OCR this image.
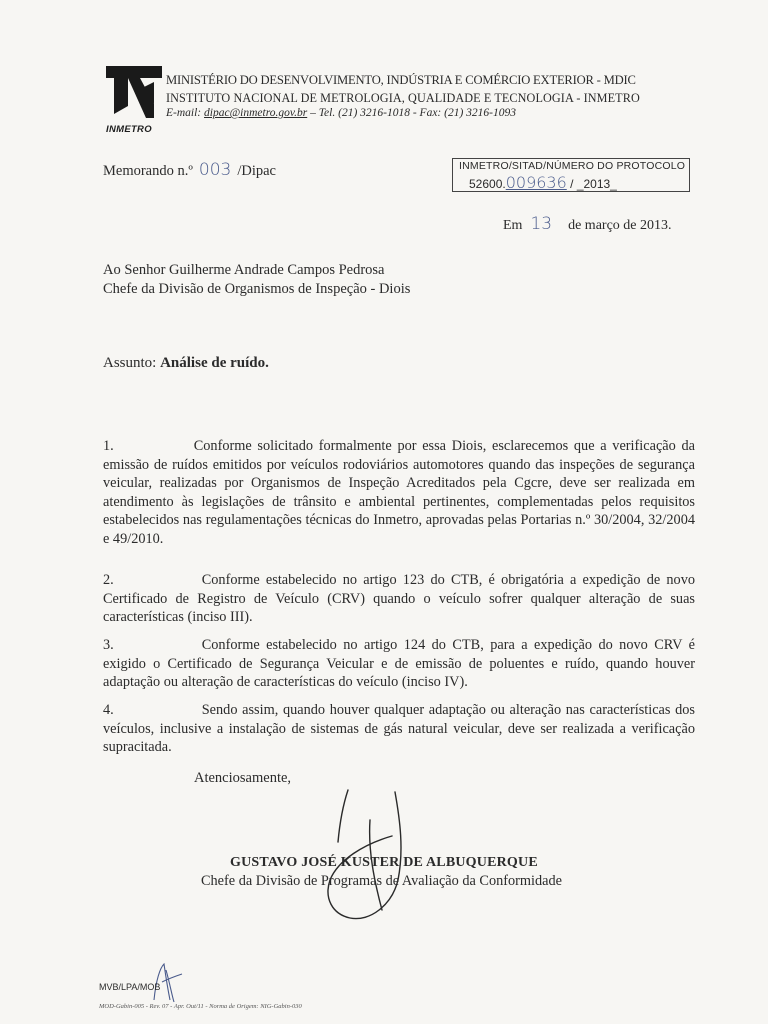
INMETRO
MINISTÉRIO DO DESENVOLVIMENTO, INDÚSTRIA E COMÉRCIO EXTERIOR - MDIC
INSTITUTO NACIONAL DE METROLOGIA, QUALIDADE E TECNOLOGIA - INMETRO
E-mail: dipac@inmetro.gov.br – Tel. (21) 3216-1018 - Fax: (21) 3216-1093
Memorando n.º 003 /Dipac	INMETRO/SITAD/NÚMERO DO PROTOCOLO
52600.009636 / _2013_
Em 13 de março de 2013.
Ao Senhor Guilherme Andrade Campos Pedrosa
Chefe da Divisão de Organismos de Inspeção - Diois
Assunto: Análise de ruído.
1.	Conforme solicitado formalmente por essa Diois, esclarecemos que a verificação da emissão de ruídos emitidos por veículos rodoviários automotores quando das inspeções de segurança veicular, realizadas por Organismos de Inspeção Acreditados pela Cgcre, deve ser realizada em atendimento às legislações de trânsito e ambiental pertinentes, complementadas pelos requisitos estabelecidos nas regulamentações técnicas do Inmetro, aprovadas pelas Portarias n.º 30/2004, 32/2004 e 49/2010.
2.	Conforme estabelecido no artigo 123 do CTB, é obrigatória a expedição de novo Certificado de Registro de Veículo (CRV) quando o veículo sofrer qualquer alteração de suas características (inciso III).
3.	Conforme estabelecido no artigo 124 do CTB, para a expedição do novo CRV é exigido o Certificado de Segurança Veicular e de emissão de poluentes e ruído, quando houver adaptação ou alteração de características do veículo (inciso IV).
4.	Sendo assim, quando houver qualquer adaptação ou alteração nas características dos veículos, inclusive a instalação de sistemas de gás natural veicular, deve ser realizada a verificação supracitada.
Atenciosamente,
GUSTAVO JOSÉ KUSTER DE ALBUQUERQUE
Chefe da Divisão de Programas de Avaliação da Conformidade
MVB/LPA/MOB
MOD-Gabin-005 - Rev. 07 - Apr. Out/11 - Norma de Origem: NIG-Gabin-030
